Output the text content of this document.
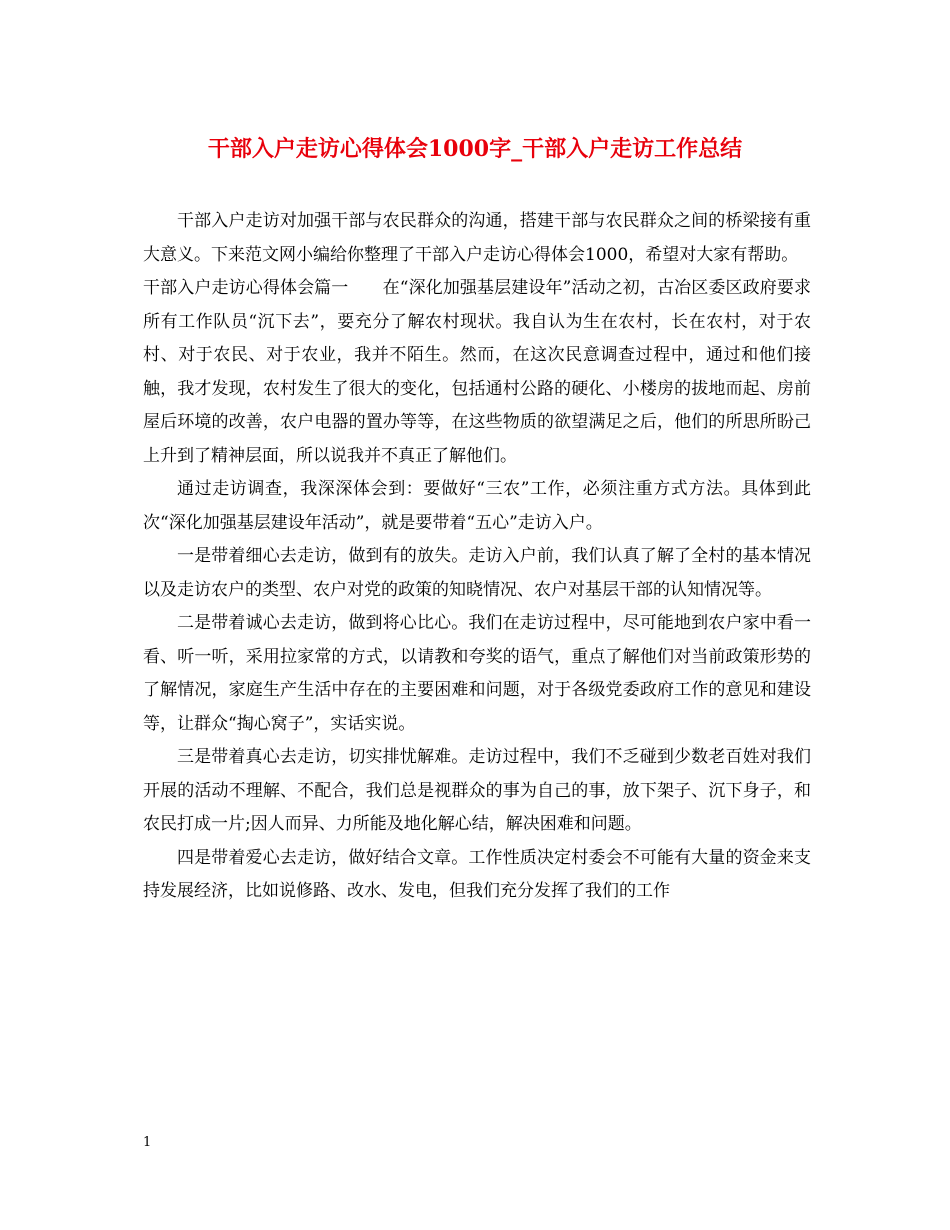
干部入户走访心得体会1000字_干部入户走访工作总结

干部入户走访对加强干部与农民群众的沟通，搭建干部与农民群众之间的桥梁接有重大意义。下来范文网小编给你整理了干部入户走访心得体会1000，希望对大家有帮助。

干部入户走访心得体会篇一　　在“深化加强基层建设年”活动之初，古冶区委区政府要求所有工作队员“沉下去”，要充分了解农村现状。我自认为生在农村，长在农村，对于农村、对于农民、对于农业，我并不陌生。然而，在这次民意调查过程中，通过和他们接触，我才发现，农村发生了很大的变化，包括通村公路的硬化、小楼房的拔地而起、房前屋后环境的改善，农户电器的置办等等，在这些物质的欲望满足之后，他们的所思所盼己上升到了精神层面，所以说我并不真正了解他们。

通过走访调查，我深深体会到：要做好“三农”工作，必须注重方式方法。具体到此次“深化加强基层建设年活动”，就是要带着“五心”走访入户。

一是带着细心去走访，做到有的放失。走访入户前，我们认真了解了全村的基本情况以及走访农户的类型、农户对党的政策的知晓情况、农户对基层干部的认知情况等。

二是带着诚心去走访，做到将心比心。我们在走访过程中，尽可能地到农户家中看一看、听一听，采用拉家常的方式，以请教和夸奖的语气，重点了解他们对当前政策形势的了解情况，家庭生产生活中存在的主要困难和问题，对于各级党委政府工作的意见和建设等，让群众“掏心窝子”，实话实说。

三是带着真心去走访，切实排忧解难。走访过程中，我们不乏碰到少数老百姓对我们开展的活动不理解、不配合，我们总是视群众的事为自己的事，放下架子、沉下身子，和农民打成一片;因人而异、力所能及地化解心结，解决困难和问题。

四是带着爱心去走访，做好结合文章。工作性质决定村委会不可能有大量的资金来支持发展经济，比如说修路、改水、发电，但我们充分发挥了我们的工作

1
